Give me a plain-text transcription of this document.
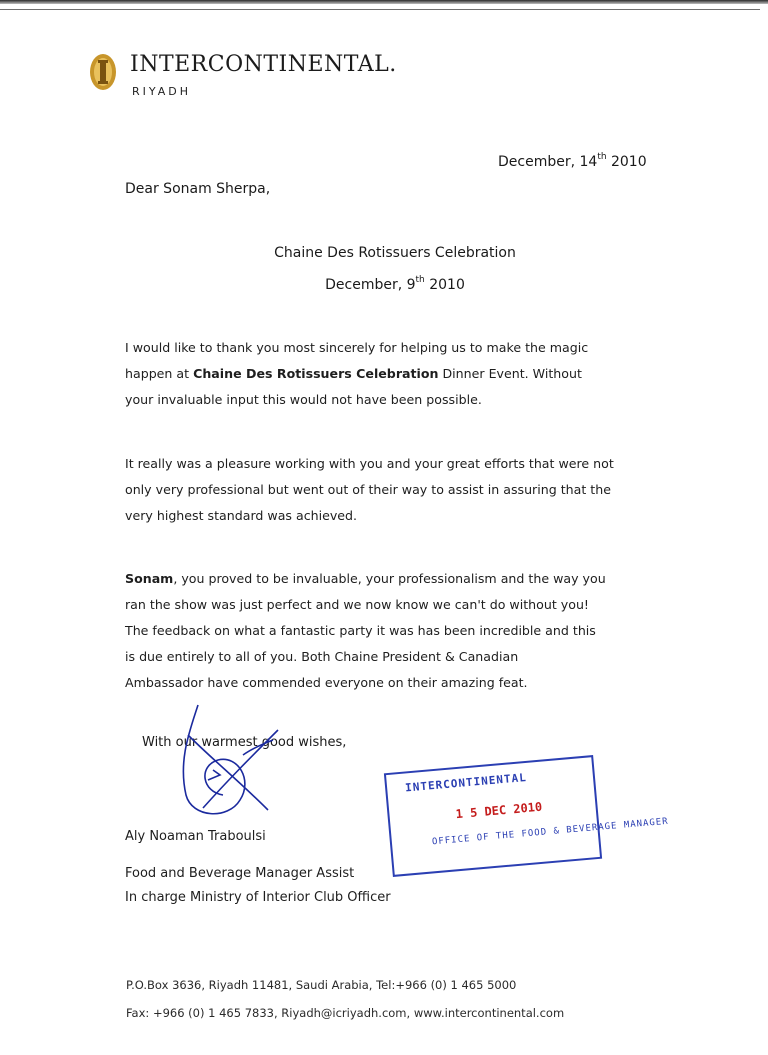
INTERCONTINENTAL.

RIYADH

December, 14th 2010
Dear Sonam Sherpa,
Chaine Des Rotissuers Celebration
December, 9th 2010
I would like to thank you most sincerely for helping us to make the magic
happen at Chaine Des Rotissuers Celebration Dinner Event. Without
your invaluable input this would not have been possible.
It really was a pleasure working with you and your great efforts that were not
only very professional but went out of their way to assist in assuring that the
very highest standard was achieved.
Sonam, you proved to be invaluable, your professionalism and the way you
ran the show was just perfect and we now know we can't do without you!
The feedback on what a fantastic party it was has been incredible and this
is due entirely to all of you. Both Chaine President & Canadian
Ambassador have commended everyone on their amazing feat.
With our warmest good wishes,
Aly Noaman Traboulsi
Food and Beverage Manager Assist
In charge Ministry of Interior Club Officer
INTERCONTINENTAL
1 5 DEC 2010
OFFICE OF THE FOOD & BEVERAGE MANAGER
P.O.Box 3636, Riyadh 11481, Saudi Arabia, Tel:+966 (0) 1 465 5000
Fax: +966 (0) 1 465 7833, Riyadh@icriyadh.com, www.intercontinental.com
